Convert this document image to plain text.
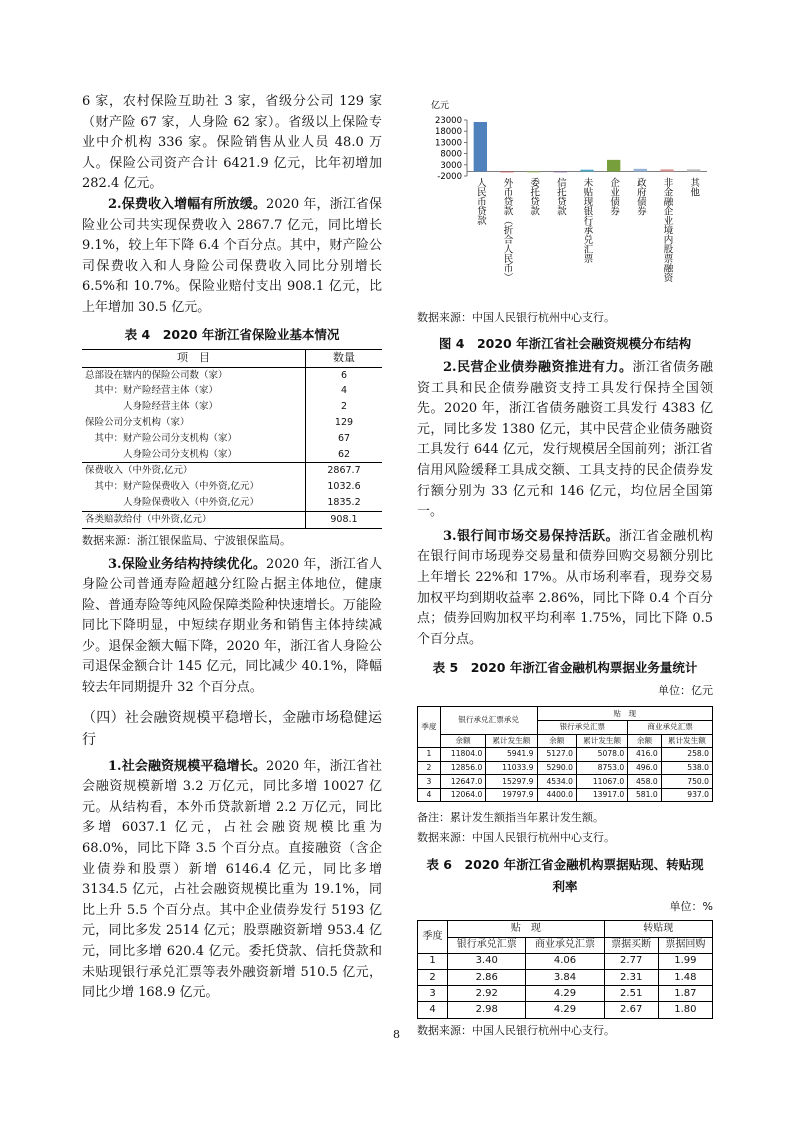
6 家，农村保险互助社 3 家，省级分公司 129 家（财产险 67 家，人身险 62 家）。省级以上保险专业中介机构 336 家。保险销售从业人员 48.0 万人。保险公司资产合计 6421.9 亿元，比年初增加 282.4 亿元。

2.保费收入增幅有所放缓。2020 年，浙江省保险业公司共实现保费收入 2867.7 亿元，同比增长 9.1%，较上年下降 6.4 个百分点。其中，财产险公司保费收入和人身险公司保费收入同比分别增长 6.5%和 10.7%。保险业赔付支出 908.1 亿元，比上年增加 30.5 亿元。

表 4　2020 年浙江省保险业基本情况
项　目	数量
总部设在辖内的保险公司数（家）	6
　其中：财产险经营主体（家）	4
　　　　人身险经营主体（家）	2
保险公司分支机构（家）	129
　其中：财产险公司分支机构（家）	67
　　　　人身险公司分支机构（家）	62
保费收入（中外资,亿元）	2867.7
　其中：财产险保费收入（中外资,亿元）	1032.6
　　　　人身险保费收入（中外资,亿元）	1835.2
各类赔款给付（中外资,亿元）	908.1

数据来源：浙江银保监局、宁波银保监局。

3.保险业务结构持续优化。2020 年，浙江省人身险公司普通寿险超越分红险占据主体地位，健康险、普通寿险等纯风险保障类险种快速增长。万能险同比下降明显，中短续存期业务和销售主体持续减少。退保金额大幅下降，2020 年，浙江省人身险公司退保金额合计 145 亿元，同比减少 40.1%，降幅较去年同期提升 32 个百分点。

（四）社会融资规模平稳增长，金融市场稳健运行

1.社会融资规模平稳增长。2020 年，浙江省社会融资规模新增 3.2 万亿元，同比多增 10027 亿元。从结构看，本外币贷款新增 2.2 万亿元，同比多增 6037.1 亿元，占社会融资规模比重为 68.0%，同比下降 3.5 个百分点。直接融资（含企业债券和股票）新增 6146.4 亿元，同比多增 3134.5 亿元，占社会融资规模比重为 19.1%，同比上升 5.5 个百分点。其中企业债券发行 5193 亿元，同比多发 2514 亿元；股票融资新增 953.4 亿元，同比多增 620.4 亿元。委托贷款、信托贷款和未贴现银行承兑汇票等表外融资新增 510.5 亿元，同比少增 168.9 亿元。

亿元
23000
18000
13000
8000
3000
-2000
人民币贷款 外币贷款（折合人民币） 委托贷款 信托贷款 未贴现银行承兑汇票 企业债券 政府债券 非金融企业境内股票融资 其他

数据来源：中国人民银行杭州中心支行。

图 4　2020 年浙江省社会融资规模分布结构

2.民营企业债券融资推进有力。浙江省债务融资工具和民企债券融资支持工具发行保持全国领先。2020 年，浙江省债务融资工具发行 4383 亿元，同比多发 1380 亿元，其中民营企业债务融资工具发行 644 亿元，发行规模居全国前列；浙江省信用风险缓释工具成交额、工具支持的民企债券发行额分别为 33 亿元和 146 亿元，均位居全国第一。

3.银行间市场交易保持活跃。浙江省金融机构在银行间市场现券交易量和债券回购交易额分别比上年增长 22%和 17%。从市场利率看，现券交易加权平均到期收益率 2.86%，同比下降 0.4 个百分点；债券回购加权平均利率 1.75%，同比下降 0.5 个百分点。

表 5　2020 年浙江省金融机构票据业务量统计
单位：亿元
季度	银行承兑汇票承兑		贴　现			
			银行承兑汇票		商业承兑汇票	
	余额	累计发生额	余额	累计发生额	余额	累计发生额
1	11804.0	5941.9	5127.0	5078.0	416.0	258.0
2	12856.0	11033.9	5290.0	8753.0	496.0	538.0
3	12647.0	15297.9	4534.0	11067.0	458.0	750.0
4	12064.0	19797.9	4400.0	13917.0	581.0	937.0

备注：累计发生额指当年累计发生额。

数据来源：中国人民银行杭州中心支行。

表 6　2020 年浙江省金融机构票据贴现、转贴现
利率
单位：%
季度	贴　现		转贴现	
	银行承兑汇票	商业承兑汇票	票据买断	票据回购
1	3.40	4.06	2.77	1.99
2	2.86	3.84	2.31	1.48
3	2.92	4.29	2.51	1.87
4	2.98	4.29	2.67	1.80

数据来源：中国人民银行杭州中心支行。

8
